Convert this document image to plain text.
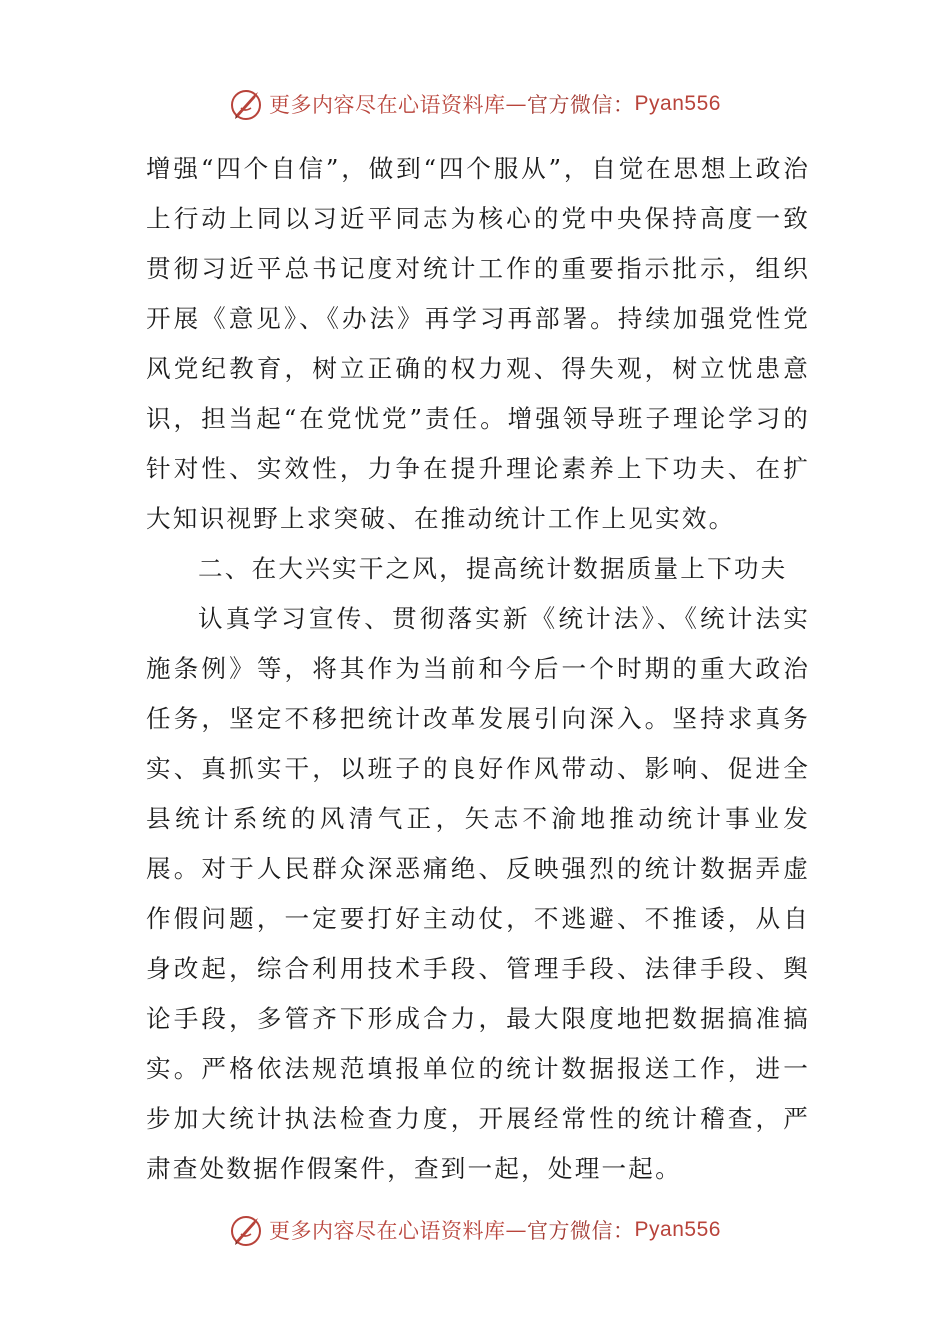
更多内容尽在心语资料库 — 官方微信： Pyan556

增强“四个自信”，做到“四个服从”，自觉在思想上政治上行动上同以习近平同志为核心的党中央保持高度一致贯彻习近平总书记度对统计工作的重要指示批示，组织开展《意见》、《办法》再学习再部署。持续加强党性党风党纪教育，树立正确的权力观、得失观，树立忧患意识，担当起“在党忧党”责任。增强领导班子理论学习的针对性、实效性，力争在提升理论素养上下功夫、在扩大知识视野上求突破、在推动统计工作上见实效。

二、在大兴实干之风，提高统计数据质量上下功夫

认真学习宣传、贯彻落实新《统计法》、《统计法实施条例》等，将其作为当前和今后一个时期的重大政治任务，坚定不移把统计改革发展引向深入。坚持求真务实、真抓实干，以班子的良好作风带动、影响、促进全县统计系统的风清气正，矢志不渝地推动统计事业发展。对于人民群众深恶痛绝、反映强烈的统计数据弄虚作假问题，一定要打好主动仗，不逃避、不推诿，从自身改起，综合利用技术手段、管理手段、法律手段、舆论手段，多管齐下形成合力，最大限度地把数据搞准搞实。严格依法规范填报单位的统计数据报送工作，进一步加大统计执法检查力度，开展经常性的统计稽查，严肃查处数据作假案件，查到一起，处理一起。

更多内容尽在心语资料库 — 官方微信： Pyan556
